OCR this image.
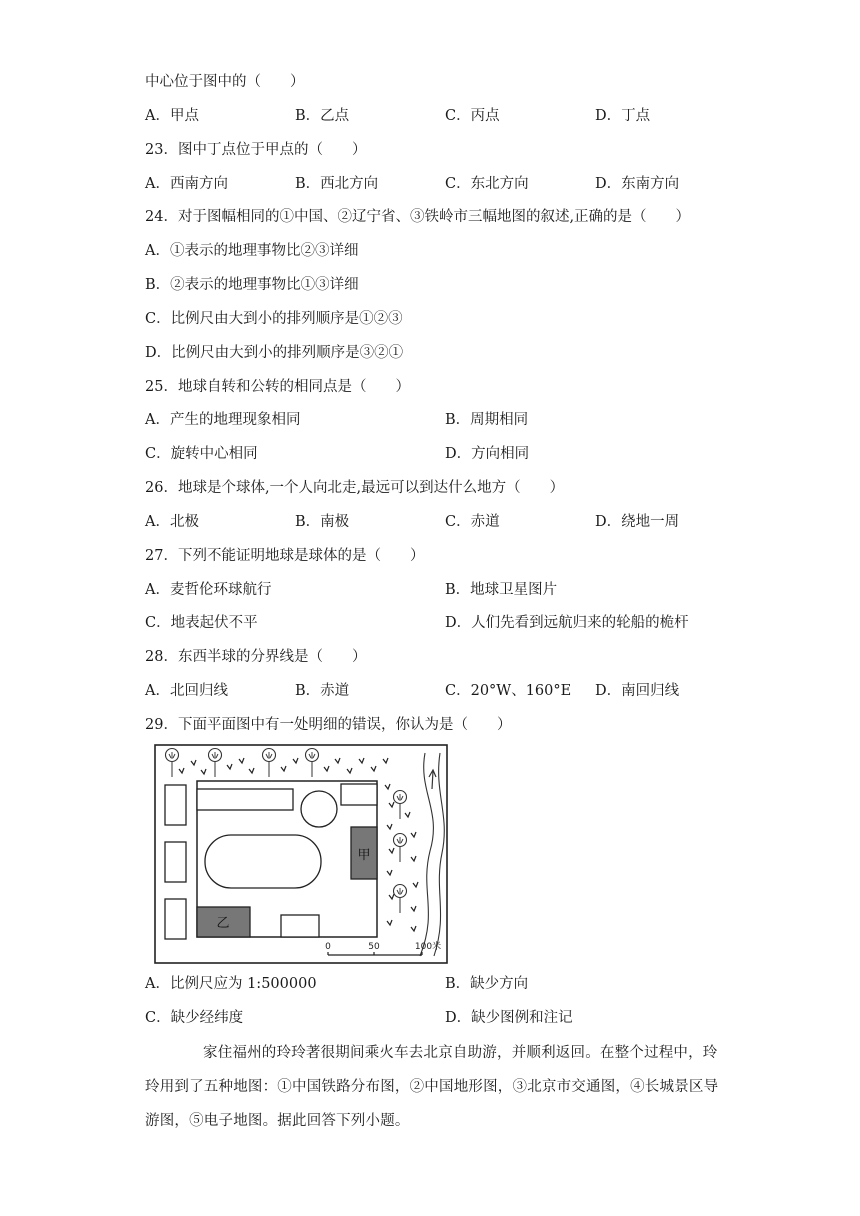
中心位于图中的（　　）
A．甲点	B．乙点	C．丙点	D．丁点
23．图中丁点位于甲点的（　　）
A．西南方向	B．西北方向	C．东北方向	D．东南方向
24．对于图幅相同的①中国、②辽宁省、③铁岭市三幅地图的叙述,正确的是（　　）
A．①表示的地理事物比②③详细
B．②表示的地理事物比①③详细
C．比例尺由大到小的排列顺序是①②③
D．比例尺由大到小的排列顺序是③②①
25．地球自转和公转的相同点是（　　）
A．产生的地理现象相同	B．周期相同
C．旋转中心相同	D．方向相同
26．地球是个球体,一个人向北走,最远可以到达什么地方（　　）
A．北极	B．南极	C．赤道	D．绕地一周
27．下列不能证明地球是球体的是（　　）
A．麦哲伦环球航行	B．地球卫星图片
C．地表起伏不平	D．人们先看到远航归来的轮船的桅杆
28．东西半球的分界线是（　　）
A．北回归线	B．赤道	C．20°W、160°E D．南回归线
29．下面平面图中有一处明细的错误，你认为是（　　）
甲
乙
0	50	100米
A．比例尺应为 1:500000	B．缺少方向
C．缺少经纬度	D．缺少图例和注记
家住福州的玲玲著很期间乘火车去北京自助游，并顺利返回。在整个过程中，玲玲用到了五种地图：①中国铁路分布图，②中国地形图，③北京市交通图，④长城景区导游图，⑤电子地图。据此回答下列小题。
